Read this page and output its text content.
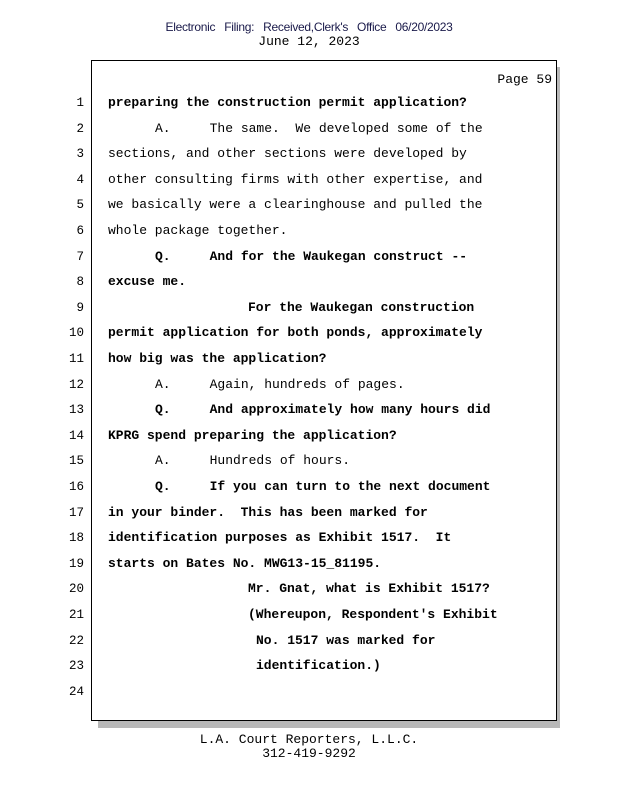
Electronic Filing: Received,Clerk's Office 06/20/2023
June 12, 2023
Page 59
1 preparing the construction permit application?
2	A.     The same.  We developed some of the
3 sections, and other sections were developed by
4 other consulting firms with other expertise, and
5 we basically were a clearinghouse and pulled the
6 whole package together.
7	Q.     And for the Waukegan construct --
8 excuse me.
9	For the Waukegan construction
10 permit application for both ponds, approximately
11 how big was the application?
12	A.     Again, hundreds of pages.
13	Q.     And approximately how many hours did
14 KPRG spend preparing the application?
15	A.     Hundreds of hours.
16	Q.     If you can turn to the next document
17 in your binder.  This has been marked for
18 identification purposes as Exhibit 1517.  It
19 starts on Bates No. MWG13-15_81195.
20	Mr. Gnat, what is Exhibit 1517?
21	(Whereupon, Respondent's Exhibit
22	No. 1517 was marked for
23	identification.)
24
L.A. Court Reporters, L.L.C.
312-419-9292
